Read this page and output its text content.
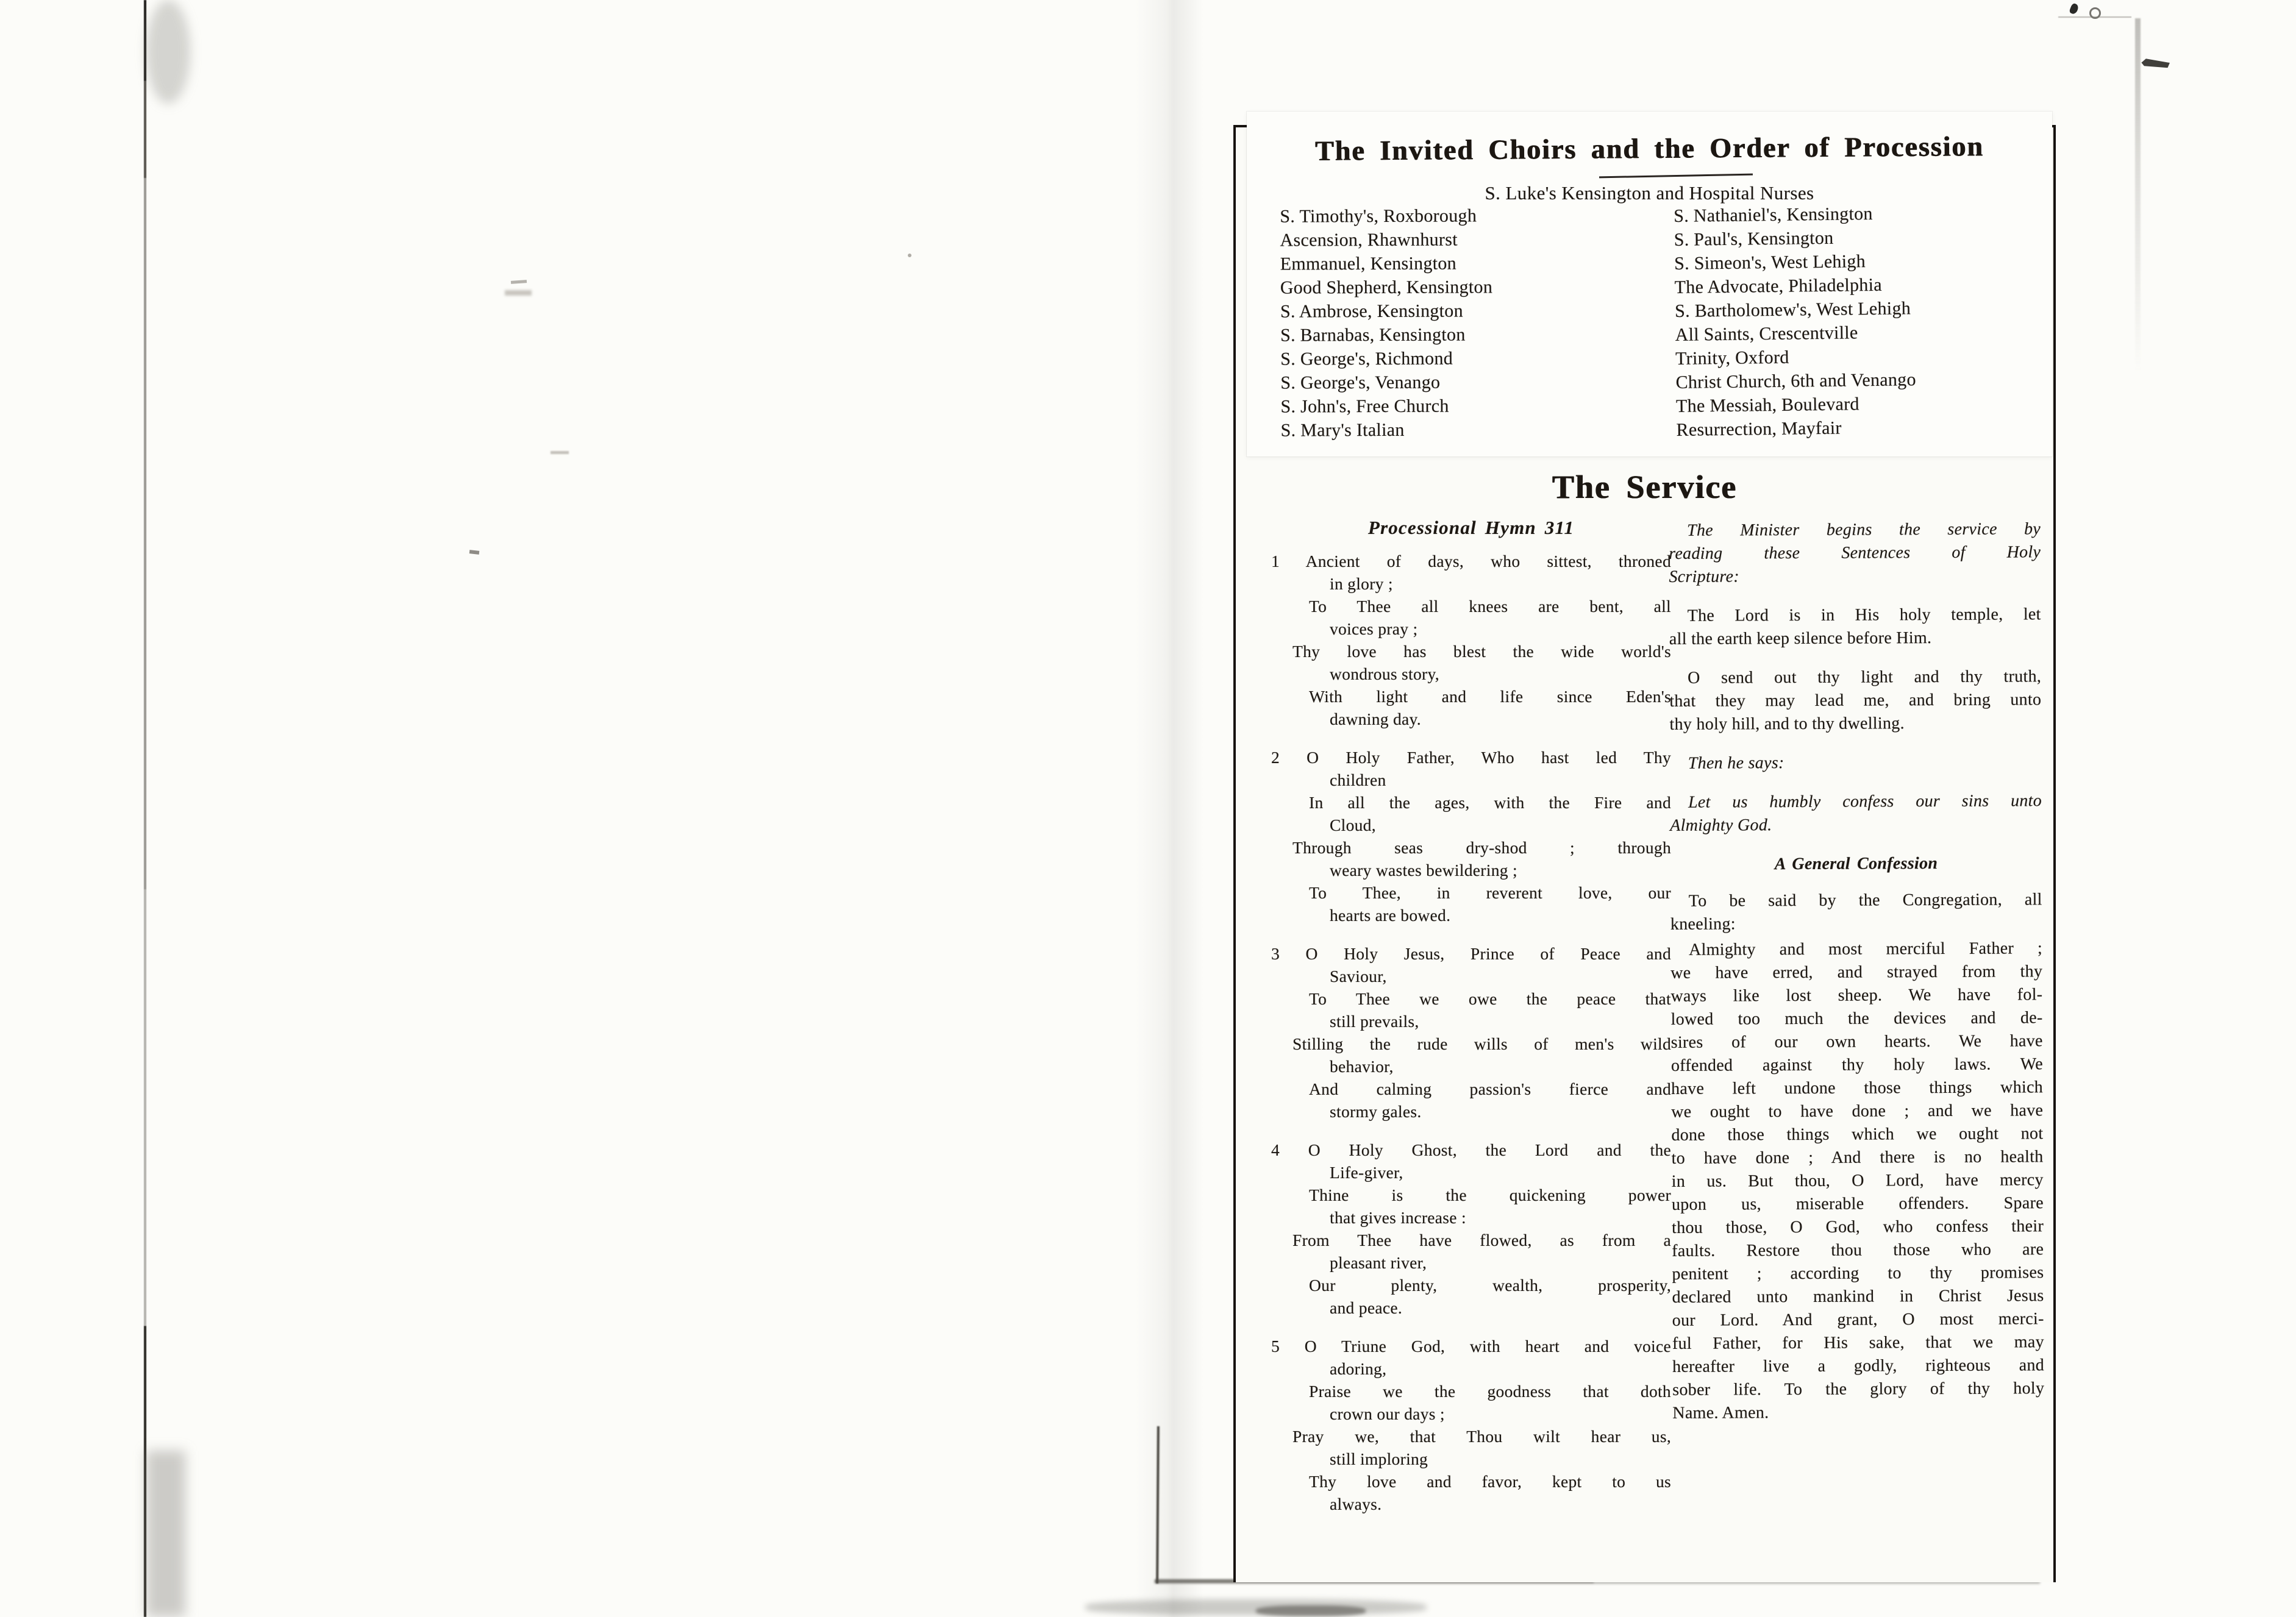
The Invited Choirs and the Order of Procession
S. Luke's Kensington and Hospital Nurses
S. Timothy's, Roxborough
Ascension, Rhawnhurst
Emmanuel, Kensington
Good Shepherd, Kensington
S. Ambrose, Kensington
S. Barnabas, Kensington
S. George's, Richmond
S. George's, Venango
S. John's, Free Church
S. Mary's Italian
S. Nathaniel's, Kensington
S. Paul's, Kensington
S. Simeon's, West Lehigh
The Advocate, Philadelphia
S. Bartholomew's, West Lehigh
All Saints, Crescentville
Trinity, Oxford
Christ Church, 6th and Venango
The Messiah, Boulevard
Resurrection, Mayfair
The Service
Processional Hymn 311
1 Ancient of days, who sittest, throned
in glory ;
To Thee all knees are bent, all
voices pray ;
Thy love has blest the wide world's
wondrous story,
With light and life since Eden's
dawning day.
2 O Holy Father, Who hast led Thy
children
In all the ages, with the Fire and
Cloud,
Through seas dry-shod ; through
weary wastes bewildering ;
To Thee, in reverent love, our
hearts are bowed.
3 O Holy Jesus, Prince of Peace and
Saviour,
To Thee we owe the peace that
still prevails,
Stilling the rude wills of men's wild
behavior,
And calming passion's fierce and
stormy gales.
4 O Holy Ghost, the Lord and the
Life-giver,
Thine is the quickening power
that gives increase :
From Thee have flowed, as from a
pleasant river,
Our plenty, wealth, prosperity,
and peace.
5 O Triune God, with heart and voice
adoring,
Praise we the goodness that doth
crown our days ;
Pray we, that Thou wilt hear us,
still imploring
Thy love and favor, kept to us
always.
The Minister begins the service by
reading these Sentences of Holy
Scripture:
The Lord is in His holy temple, let
all the earth keep silence before Him.
O send out thy light and thy truth,
that they may lead me, and bring unto
thy holy hill, and to thy dwelling.
Then he says:
Let us humbly confess our sins unto
Almighty God.
A General Confession
To be said by the Congregation, all
kneeling:
Almighty and most merciful Father ;
we have erred, and strayed from thy
ways like lost sheep. We have fol-
lowed too much the devices and de-
sires of our own hearts. We have
offended against thy holy laws. We
have left undone those things which
we ought to have done ; and we have
done those things which we ought not
to have done ; And there is no health
in us. But thou, O Lord, have mercy
upon us, miserable offenders. Spare
thou those, O God, who confess their
faults. Restore thou those who are
penitent ; according to thy promises
declared unto mankind in Christ Jesus
our Lord. And grant, O most merci-
ful Father, for His sake, that we may
hereafter live a godly, righteous and
sober life. To the glory of thy holy
Name. Amen.
